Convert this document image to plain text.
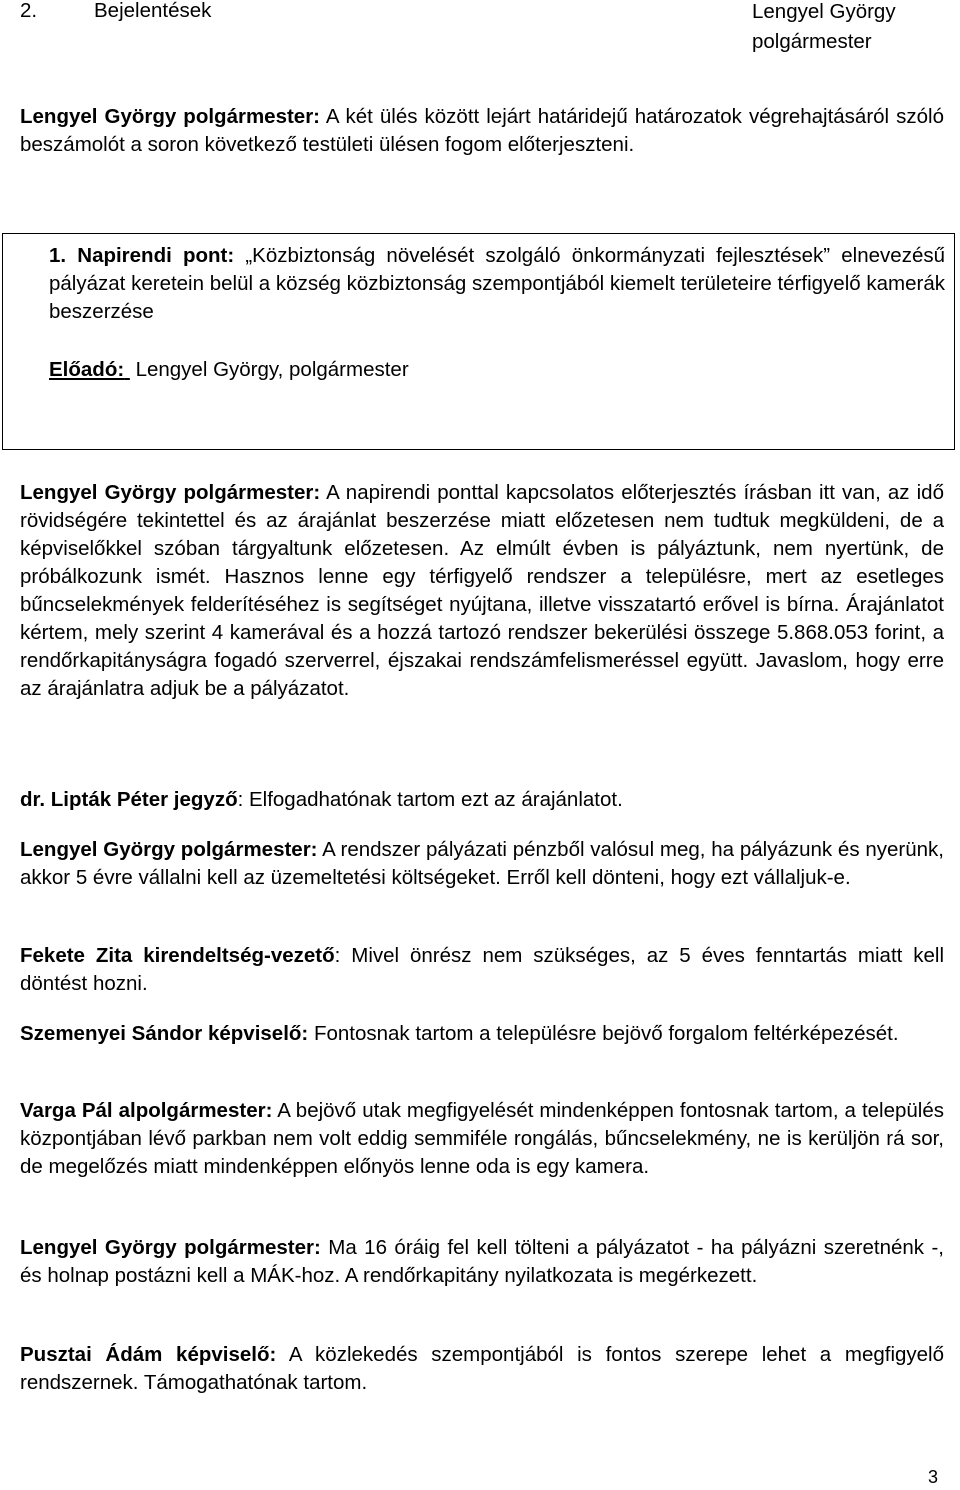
2.	Bejelentések	Lengyel György
polgármester
Lengyel György polgármester: A két ülés között lejárt határidejű határozatok végrehajtásáról szóló beszámolót a soron következő testületi ülésen fogom előterjeszteni.
1. Napirendi pont: „Közbiztonság növelését szolgáló önkormányzati fejlesztések” elnevezésű pályázat keretein belül a község közbiztonság szempontjából kiemelt területeire térfigyelő kamerák beszerzése
Előadó:  Lengyel György, polgármester
Lengyel György polgármester: A napirendi ponttal kapcsolatos előterjesztés írásban itt van, az idő rövidségére tekintettel és az árajánlat beszerzése miatt előzetesen nem tudtuk megküldeni, de a képviselőkkel szóban tárgyaltunk előzetesen. Az elmúlt évben is pályáztunk, nem nyertünk, de próbálkozunk ismét. Hasznos lenne egy térfigyelő rendszer a településre, mert az esetleges bűncselekmények felderítéséhez is segítséget nyújtana, illetve visszatartó erővel is bírna. Árajánlatot kértem, mely szerint 4 kamerával és a hozzá tartozó rendszer bekerülési összege 5.868.053 forint, a rendőrkapitányságra fogadó szerverrel, éjszakai rendszámfelismeréssel együtt. Javaslom, hogy erre az árajánlatra adjuk be a pályázatot.
dr. Lipták Péter jegyző: Elfogadhatónak tartom ezt az árajánlatot.
Lengyel György polgármester: A rendszer pályázati pénzből valósul meg, ha pályázunk és nyerünk, akkor 5 évre vállalni kell az üzemeltetési költségeket. Erről kell dönteni, hogy ezt vállaljuk-e.
Fekete Zita kirendeltség-vezető: Mivel önrész nem szükséges, az 5 éves fenntartás miatt kell döntést hozni.
Szemenyei Sándor képviselő: Fontosnak tartom a településre bejövő forgalom feltérképezését.
Varga Pál alpolgármester: A bejövő utak megfigyelését mindenképpen fontosnak tartom, a település központjában lévő parkban nem volt eddig semmiféle rongálás, bűncselekmény, ne is kerüljön rá sor, de megelőzés miatt mindenképpen előnyös lenne oda is egy kamera.
Lengyel György polgármester: Ma 16 óráig fel kell tölteni a pályázatot - ha pályázni szeretnénk -, és holnap postázni kell a MÁK-hoz. A rendőrkapitány nyilatkozata is megérkezett.
Pusztai Ádám képviselő: A közlekedés szempontjából is fontos szerepe lehet a megfigyelő rendszernek. Támogathatónak tartom.
3
